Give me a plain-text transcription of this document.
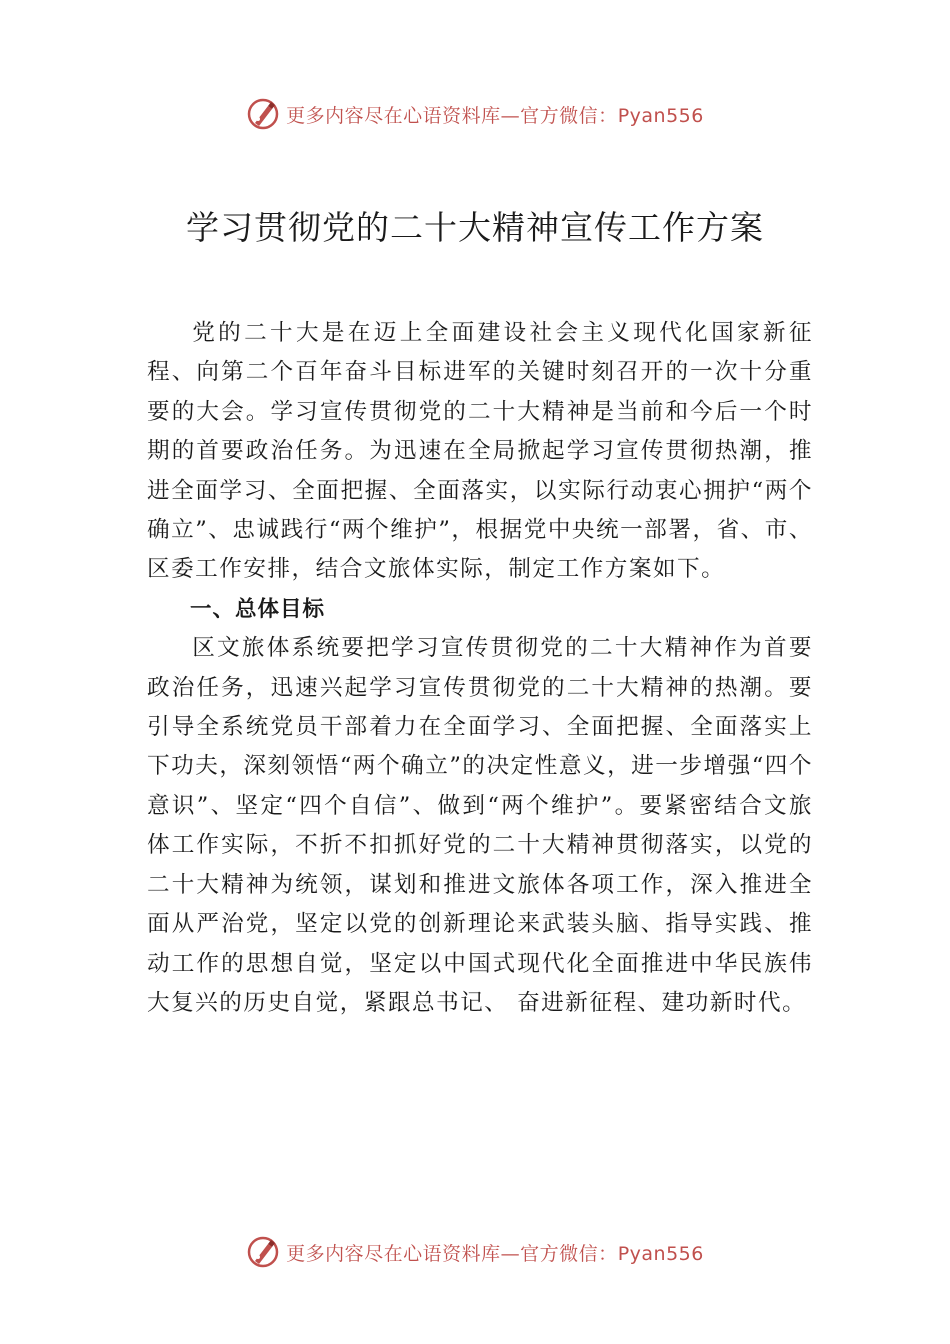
更多内容尽在心语资料库—官方微信：Pyan556
学习贯彻党的二十大精神宣传工作方案

党的二十大是在迈上全面建设社会主义现代化国家新征程、向第二个百年奋斗目标进军的关键时刻召开的一次十分重要的大会。学习宣传贯彻党的二十大精神是当前和今后一个时期的首要政治任务。为迅速在全局掀起学习宣传贯彻热潮，推进全面学习、全面把握、全面落实，以实际行动衷心拥护“两个确立”、忠诚践行“两个维护”，根据党中央统一部署，省、市、区委工作安排，结合文旅体实际，制定工作方案如下。

一、总体目标

区文旅体系统要把学习宣传贯彻党的二十大精神作为首要政治任务，迅速兴起学习宣传贯彻党的二十大精神的热潮。要引导全系统党员干部着力在全面学习、全面把握、全面落实上下功夫，深刻领悟“两个确立”的决定性意义，进一步增强“四个意识”、坚定“四个自信”、做到“两个维护”。要紧密结合文旅体工作实际，不折不扣抓好党的二十大精神贯彻落实，以党的二十大精神为统领，谋划和推进文旅体各项工作，深入推进全面从严治党，坚定以党的创新理论来武装头脑、指导实践、推动工作的思想自觉，坚定以中国式现代化全面推进中华民族伟大复兴的历史自觉，紧跟总书记、 奋进新征程、建功新时代。

更多内容尽在心语资料库—官方微信：Pyan556
